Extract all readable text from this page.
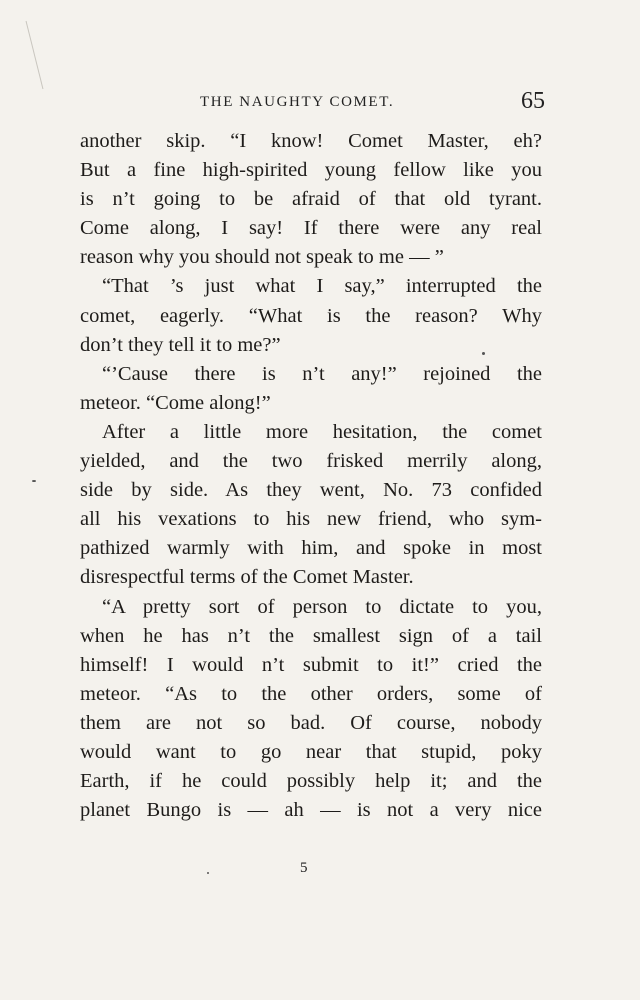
THE NAUGHTY COMET.	65
another skip. “I know! Comet Master, eh?
But a fine high-spirited young fellow like you
is n’t going to be afraid of that old tyrant.
Come along, I say! If there were any real
reason why you should not speak to me — ”
“That ’s just what I say,” interrupted the
comet, eagerly. “What is the reason? Why
don’t they tell it to me?”
“’Cause there is n’t any!” rejoined the
meteor. “Come along!”
After a little more hesitation, the comet
yielded, and the two frisked merrily along,
side by side. As they went, No. 73 confided
all his vexations to his new friend, who sym-
pathized warmly with him, and spoke in most
disrespectful terms of the Comet Master.
“A pretty sort of person to dictate to you,
when he has n’t the smallest sign of a tail
himself! I would n’t submit to it!” cried the
meteor. “As to the other orders, some of
them are not so bad. Of course, nobody
would want to go near that stupid, poky
Earth, if he could possibly help it; and the
planet Bungo is — ah — is not a very nice
5
